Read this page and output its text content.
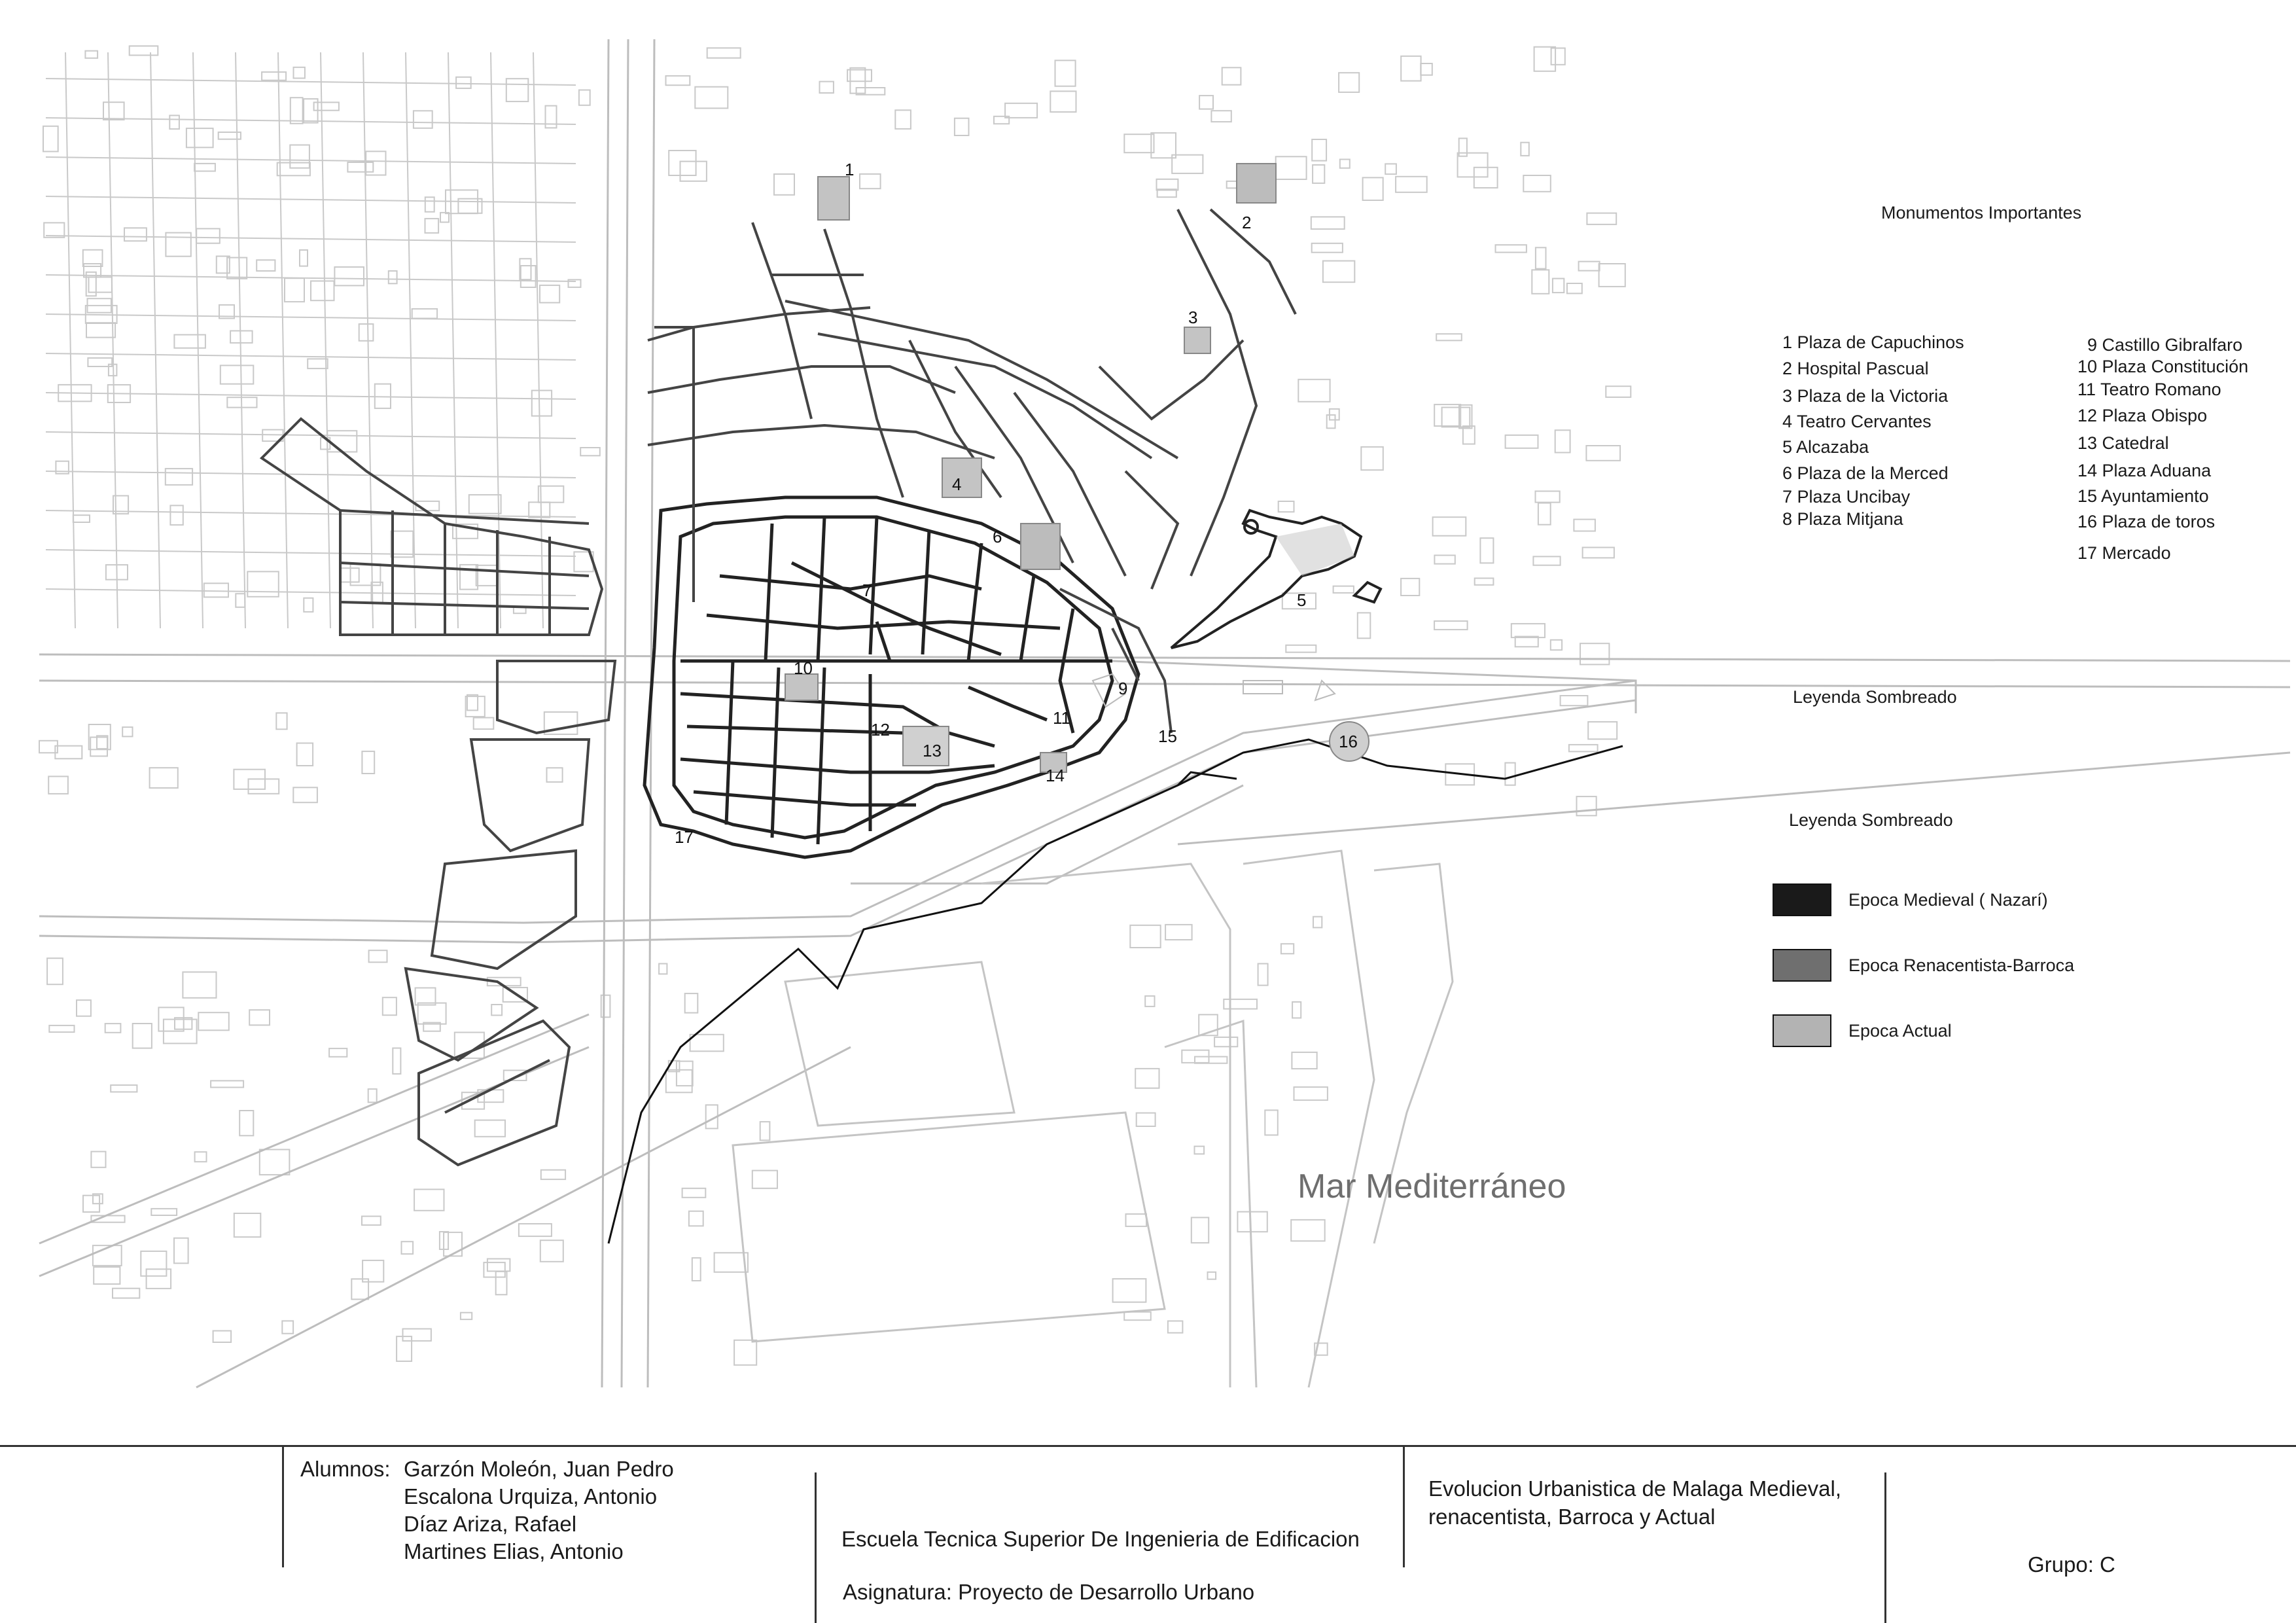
1
2
3
4
5
6
7
9
10
11
12
13
14
15	16
17
Mar Mediterráneo
Monumentos Importantes
1 Plaza de Capuchinos
2 Hospital Pascual
3 Plaza de la Victoria
4 Teatro Cervantes
5 Alcazaba
6 Plaza de la Merced
7 Plaza Uncibay
8 Plaza Mitjana
9 Castillo Gibralfaro
10 Plaza Constitución
11 Teatro Romano
12 Plaza Obispo
13 Catedral
14 Plaza Aduana
15 Ayuntamiento
16 Plaza de toros
17 Mercado
Leyenda Sombreado
Leyenda Sombreado
Epoca Medieval ( Nazarí)
Epoca Renacentista-Barroca
Epoca Actual
Alumnos: Garzón Moleón, Juan Pedro
Escalona Urquiza, Antonio
Díaz Ariza, Rafael
Martines Elias, Antonio
Escuela Tecnica Superior De Ingenieria de Edificacion
Asignatura: Proyecto de Desarrollo Urbano
Evolucion Urbanistica de Malaga Medieval,
renacentista, Barroca y Actual
Grupo: C
